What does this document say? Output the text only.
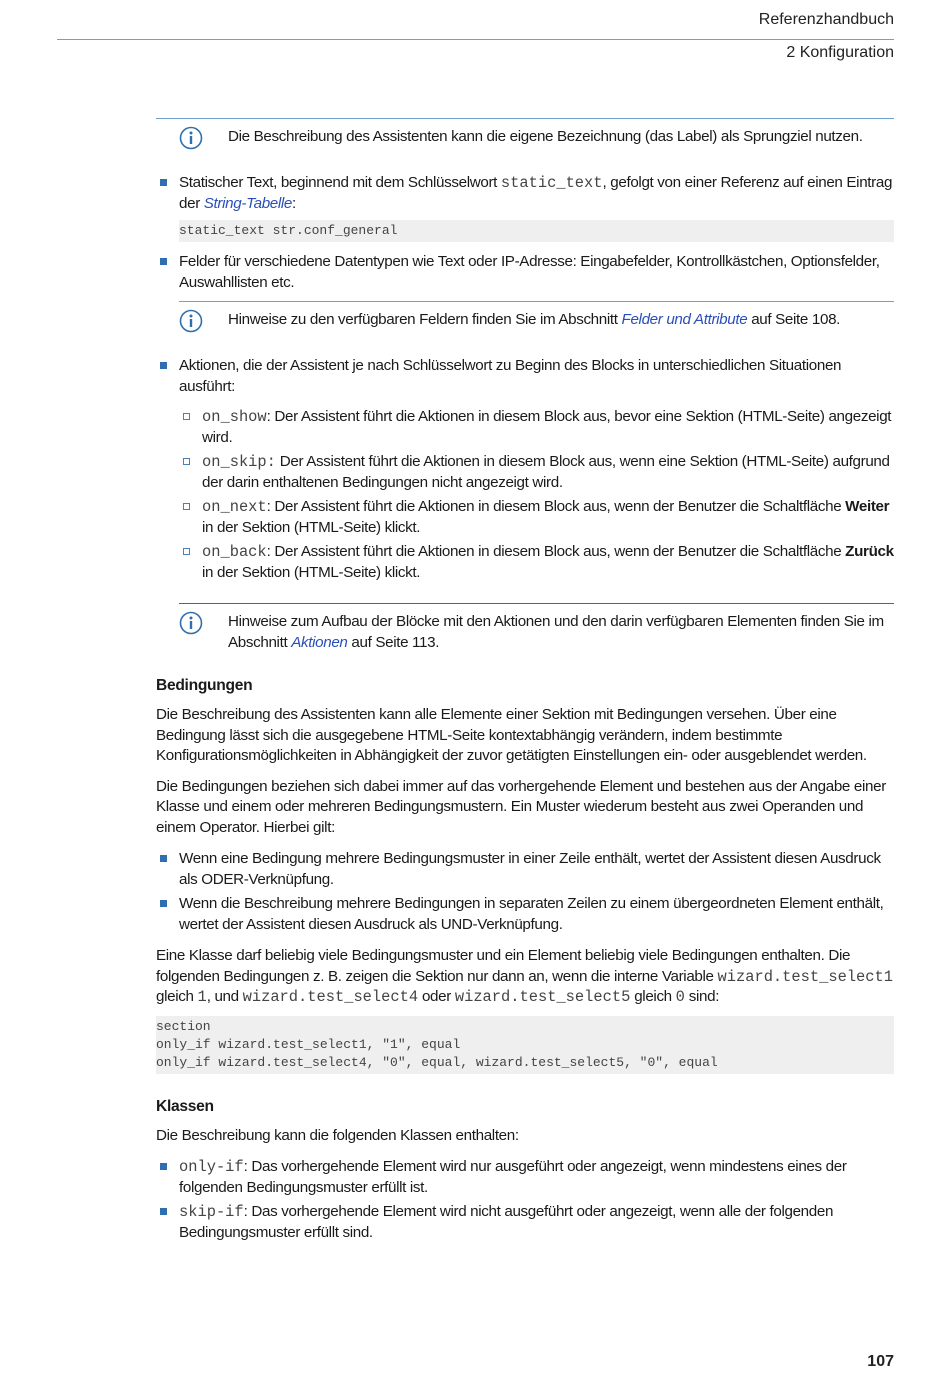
Referenzhandbuch
2 Konfiguration

Die Beschreibung des Assistenten kann die eigene Bezeichnung (das Label) als Sprungziel nutzen.

Statischer Text, beginnend mit dem Schlüsselwort static_text, gefolgt von einer Referenz auf einen Eintrag der String-Tabelle:

static_text str.conf_general

Felder für verschiedene Datentypen wie Text oder IP-Adresse: Eingabefelder, Kontrollkästchen, Optionsfelder, Auswahllisten etc.

Hinweise zu den verfügbaren Feldern finden Sie im Abschnitt Felder und Attribute auf Seite 108.

Aktionen, die der Assistent je nach Schlüsselwort zu Beginn des Blocks in unterschiedlichen Situationen ausführt:

on_show: Der Assistent führt die Aktionen in diesem Block aus, bevor eine Sektion (HTML-Seite) angezeigt wird.

on_skip: Der Assistent führt die Aktionen in diesem Block aus, wenn eine Sektion (HTML-Seite) aufgrund der darin enthaltenen Bedingungen nicht angezeigt wird.

on_next: Der Assistent führt die Aktionen in diesem Block aus, wenn der Benutzer die Schaltfläche Weiter in der Sektion (HTML-Seite) klickt.

on_back: Der Assistent führt die Aktionen in diesem Block aus, wenn der Benutzer die Schaltfläche Zurück in der Sektion (HTML-Seite) klickt.

Hinweise zum Aufbau der Blöcke mit den Aktionen und den darin verfügbaren Elementen finden Sie im Abschnitt Aktionen auf Seite 113.

Bedingungen

Die Beschreibung des Assistenten kann alle Elemente einer Sektion mit Bedingungen versehen. Über eine Bedingung lässt sich die ausgegebene HTML-Seite kontextabhängig verändern, indem bestimmte Konfigurationsmöglichkeiten in Abhängigkeit der zuvor getätigten Einstellungen ein- oder ausgeblendet werden.

Die Bedingungen beziehen sich dabei immer auf das vorhergehende Element und bestehen aus der Angabe einer Klasse und einem oder mehreren Bedingungsmustern. Ein Muster wiederum besteht aus zwei Operanden und einem Operator. Hierbei gilt:

Wenn eine Bedingung mehrere Bedingungsmuster in einer Zeile enthält, wertet der Assistent diesen Ausdruck als ODER-Verknüpfung.

Wenn die Beschreibung mehrere Bedingungen in separaten Zeilen zu einem übergeordneten Element enthält, wertet der Assistent diesen Ausdruck als UND-Verknüpfung.

Eine Klasse darf beliebig viele Bedingungsmuster und ein Element beliebig viele Bedingungen enthalten. Die folgenden Bedingungen z. B. zeigen die Sektion nur dann an, wenn die interne Variable wizard.test_select1 gleich 1, und wizard.test_select4 oder wizard.test_select5 gleich 0 sind:

section
only_if wizard.test_select1, "1", equal
only_if wizard.test_select4, "0", equal, wizard.test_select5, "0", equal
Klassen

Die Beschreibung kann die folgenden Klassen enthalten:

only-if: Das vorhergehende Element wird nur ausgeführt oder angezeigt, wenn mindestens eines der folgenden Bedingungsmuster erfüllt ist.

skip-if: Das vorhergehende Element wird nicht ausgeführt oder angezeigt, wenn alle der folgenden Bedingungsmuster erfüllt sind.

107
